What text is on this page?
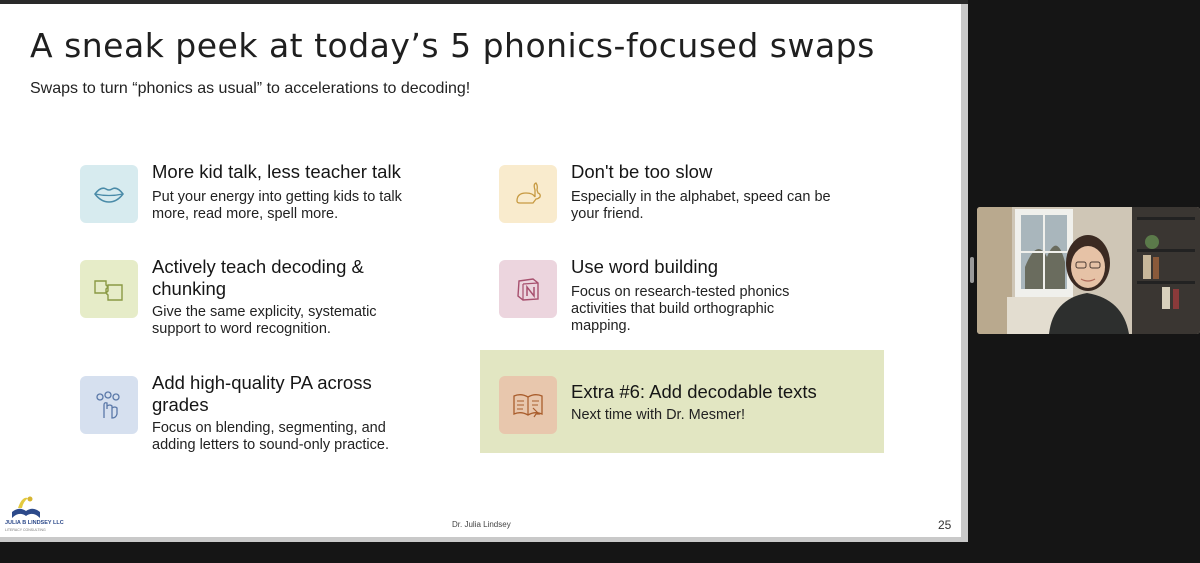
A sneak peek at today’s 5 phonics-focused swaps

Swaps to turn “phonics as usual” to accelerations to decoding!

More kid talk, less teacher talk
Put your energy into getting kids to talk
more, read more, spell more.
Actively teach decoding &
chunking
Give the same explicity, systematic
support to word recognition.
Add high-quality PA across
grades
Focus on blending, segmenting, and
adding letters to sound-only practice.
Don't be too slow
Especially in the alphabet, speed can be
your friend.
Use word building
Focus on research-tested phonics
activities that build orthographic
mapping.
Extra #6: Add decodable texts
Next time with Dr. Mesmer!
JULIA B LINDSEY LLC
LITERACY CONSULTING
Dr. Julia Lindsey	25
